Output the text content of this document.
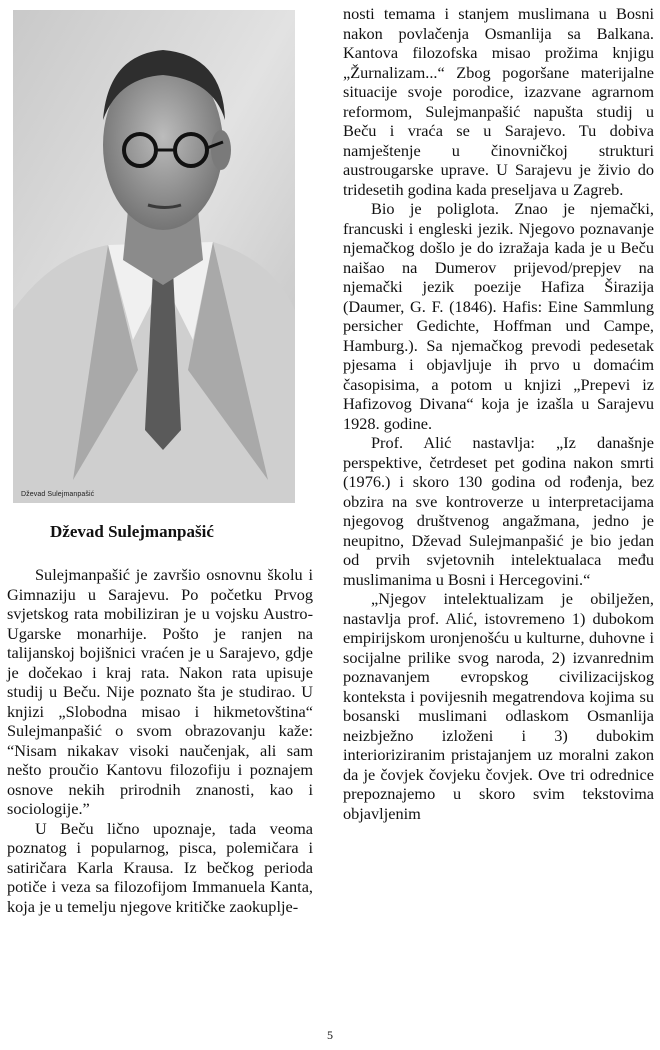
Dževad Sulejmanpašić
Dževad Sulejmanpašić

Sulejmanpašić je završio osnovnu školu i Gimnaziju u Sarajevu. Po početku Prvog svjetskog rata mobiliziran je u vojsku Austro-Ugarske monarhije. Pošto je ranjen na talijanskoj bojišnici vraćen je u Sarajevo, gdje je dočekao i kraj rata. Nakon rata upisuje studij u Beču. Nije poznato šta je studirao. U knjizi „Slobodna misao i hikmetovština“ Sulejmanpašić o svom obrazovanju kaže: “Nisam nikakav visoki naučenjak, ali sam nešto proučio Kantovu filozofiju i poznajem osnove nekih prirodnih znanosti, kao i sociologije.”

U Beču lično upoznaje, tada veoma poznatog i popularnog, pisca, polemičara i satiričara Karla Krausa. Iz bečkog perioda potiče i veza sa filozofijom Immanuela Kanta, koja je u temelju njegove kritičke zaokuplje-

nosti temama i stanjem muslimana u Bosni nakon povlačenja Osmanlija sa Balkana. Kantova filozofska misao prožima knjigu „Žurnalizam...“ Zbog pogoršane materijalne situacije svoje porodice, izazvane agrarnom reformom, Sulejmanpašić napušta studij u Beču i vraća se u Sarajevo. Tu dobiva namještenje u činovničkoj strukturi austrougarske uprave. U Sarajevu je živio do tridesetih godina kada preseljava u Zagreb.

Bio je poliglota. Znao je njemački, francuski i engleski jezik. Njegovo poznavanje njemačkog došlo je do izražaja kada je u Beču naišao na Dumerov prijevod/prepjev na njemački jezik poezije Hafiza Širazija (Daumer, G. F. (1846). Hafis: Eine Sammlung persicher Gedichte, Hoffman und Campe, Hamburg.). Sa njemačkog prevodi pedesetak pjesama i objavljuje ih prvo u domaćim časopisima, a potom u knjizi „Prepevi iz Hafizovog Divana“ koja je izašla u Sarajevu 1928. godine.

Prof. Alić nastavlja: „Iz današnje perspektive, četrdeset pet godina nakon smrti (1976.) i skoro 130 godina od rođenja, bez obzira na sve kontroverze u interpretacijama njegovog društvenog angažmana, jedno je neupitno, Dževad Sulejmanpašić je bio jedan od prvih svjetovnih intelektualaca među muslimanima u Bosni i Hercegovini.“

„Njegov intelektualizam je obilježen, nastavlja prof. Alić, istovremeno 1) dubokom empirijskom uronjenošću u kulturne, duhovne i socijalne prilike svog naroda, 2) izvanrednim poznavanjem evropskog civilizacijskog konteksta i povijesnih megatrendova kojima su bosanski muslimani odlaskom Osmanlija neizbježno izloženi i 3) dubokim interioriziranim pristajanjem uz moralni zakon da je čovjek čovjeku čovjek. Ove tri odrednice prepoznajemo u skoro svim tekstovima objavljenim

5
